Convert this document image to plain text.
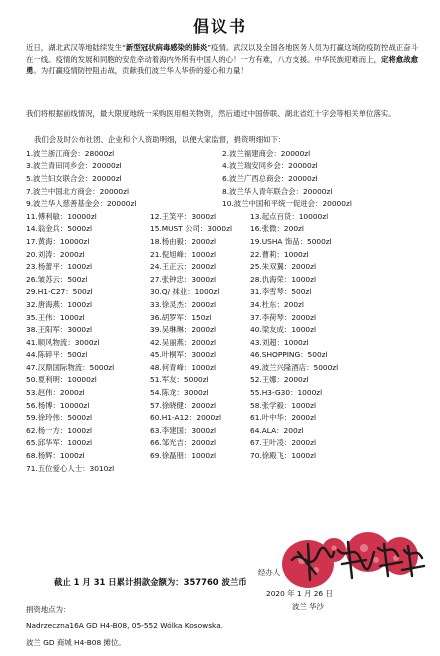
倡议书
近日，湖北武汉等地陆续发生“新型冠状病毒感染的肺炎”疫情。武汉以及全国各地医务人员为打赢这场防疫防控战正奋斗在一线。疫情的发展和同胞的安危牵动着海内外所有中国人的心！一方有难，八方支援。中华民族迎难而上，定将愈战愈勇。为打赢疫情防控阻击战，贡献我们波兰华人华侨的爱心和力量！
我们将根据前线情况，最大限度地统一采购医用相关物资，然后通过中国侨联、湖北省红十字会等相关单位落实。
我们会及时公布社团、企业和个人资助明细，以便大家监督，捐资明细如下：
1.波兰浙江商会：28000zl	2.波兰福建商会：20000zl
3.波兰青田同乡会：20000zl	4.波兰瑞安同乡会：20000zl
5.波兰妇女联合会：20000zl	6.波兰广西总商会：20000zl
7.波兰中国北方商会：20000zl	8.波兰华人青年联合会：20000zl
9.波兰华人慈善基金会：20000zl	10.波兰中国和平统一促进会：20000zl
11.傅利敏：10000zl	12.王笑平：3000zl	13.起点百货：10000zl
14.翁金兵：5000zl	15.MUST 公司：3000zl	16.张微：200zl
17.黄海：10000zl	18.杨由毅：2000zl	19.USHA 饰品：5000zl
20.刘涛：2000zl	21.倪旭峰：1000zl	22.曹莉：1000zl
23.杨蕾平：1000zl	24.王正云：2000zl	25.朱双翼：2000zl
26.皱苏云：500zl	27.张钟忠：3000zl	28.仇海荣：1000zl
29.H1-C27：500zl	30.Q/ 袜业：1000zl	31.李雪琴：500zl
32.唐海燕：1000zl	33.徐灵杰：2000zl	34.杜东：200zl
35.王伟：1000zl	36.胡罗军：150zl	37.李荷琴：2000zl
38.王阳军：3000zl	39.吴琳琳：2000zl	40.梁友成：1000zl
41.顺风物流：3000zl	42.吴丽燕：2000zl	43.刘超：1000zl
44.陈碎平：500zl	45.叶桐军：3000zl	46.SHOPPING：500zl
47.汉鼎国际物流：5000zl	48.何青峰：1000zl	49.波兰兴隆酒店：5000zl
50.夏利明：10000zl	51.军友：5000zl	52.王娜：2000zl
53.赵伟：2000zl	54.陈龙：3000zl	55.H3-G30：1000zl
56.杨博：10000zl	57.徐晓健：2000zl	58.张学毅：1000zl
59.徐玲伟：5000zl	60.H1-A12：2000zl	61.叶中华：2000zl
62.杨一方：1000zl	63.李建国：3000zl	64.ALA：200zl
65.邱华军：1000zl	66.邹光吉：2000zl	67.王叶凌：2000zl
68.杨辉：1000zl	69.徐磊朋：1000zl	70.徐殿飞：1000zl
71.五位爱心人士：3010zl
截止 1 月 31 日累计捐款金额为：357760 波兰币
捐资地点为：
Nadrzeczna16A GD H4-B08, 05-552 Wólka Kosowska.
波兰 GD 商城 H4-B08 摊位。
经办人
2020 年 1 月 26 日
波兰 华沙
